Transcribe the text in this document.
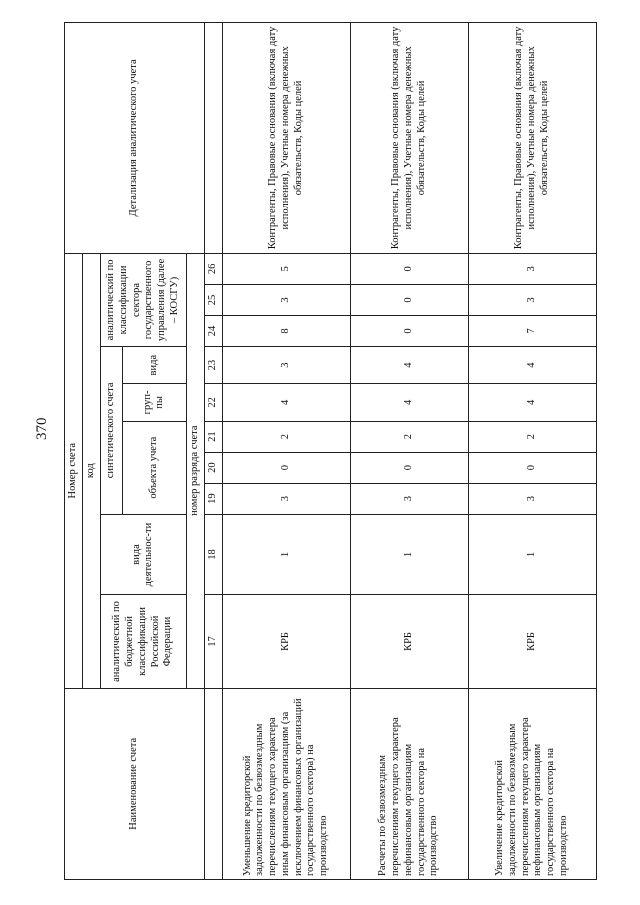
370
Наименование счета	Номер счета										Детализация аналитического учета
	код										
	аналитический по бюджетной классификации Российской Федерации	вида деятельнос-ти	синтетического счета					аналитический по классификации сектора государственного управления (далее – КОСГУ)			
			объекта учета			груп-пы	вида				
	номер разряда счета										
	17	18	19	20	21	22	23	24	25	26	
Уменьшение кредиторской задолженности по безвозмездным перечислениям текущего характера иным финансовым организациям (за исключением финансовых организаций государственного сектора) на производство	КРБ	1	3	0	2	4	3	8	3	5	Контрагенты, Правовые основания (включая дату исполнения), Учетные номера денежных обязательств, Коды целей
Расчеты по безвозмездным перечислениям текущего характера нефинансовым организациям государственного сектора на производство	КРБ	1	3	0	2	4	4	0	0	0	Контрагенты, Правовые основания (включая дату исполнения), Учетные номера денежных обязательств, Коды целей
Увеличение кредиторской задолженности по безвозмездным перечислениям текущего характера нефинансовым организациям государственного сектора на производство	КРБ	1	3	0	2	4	4	7	3	3	Контрагенты, Правовые основания (включая дату исполнения), Учетные номера денежных обязательств, Коды целей
